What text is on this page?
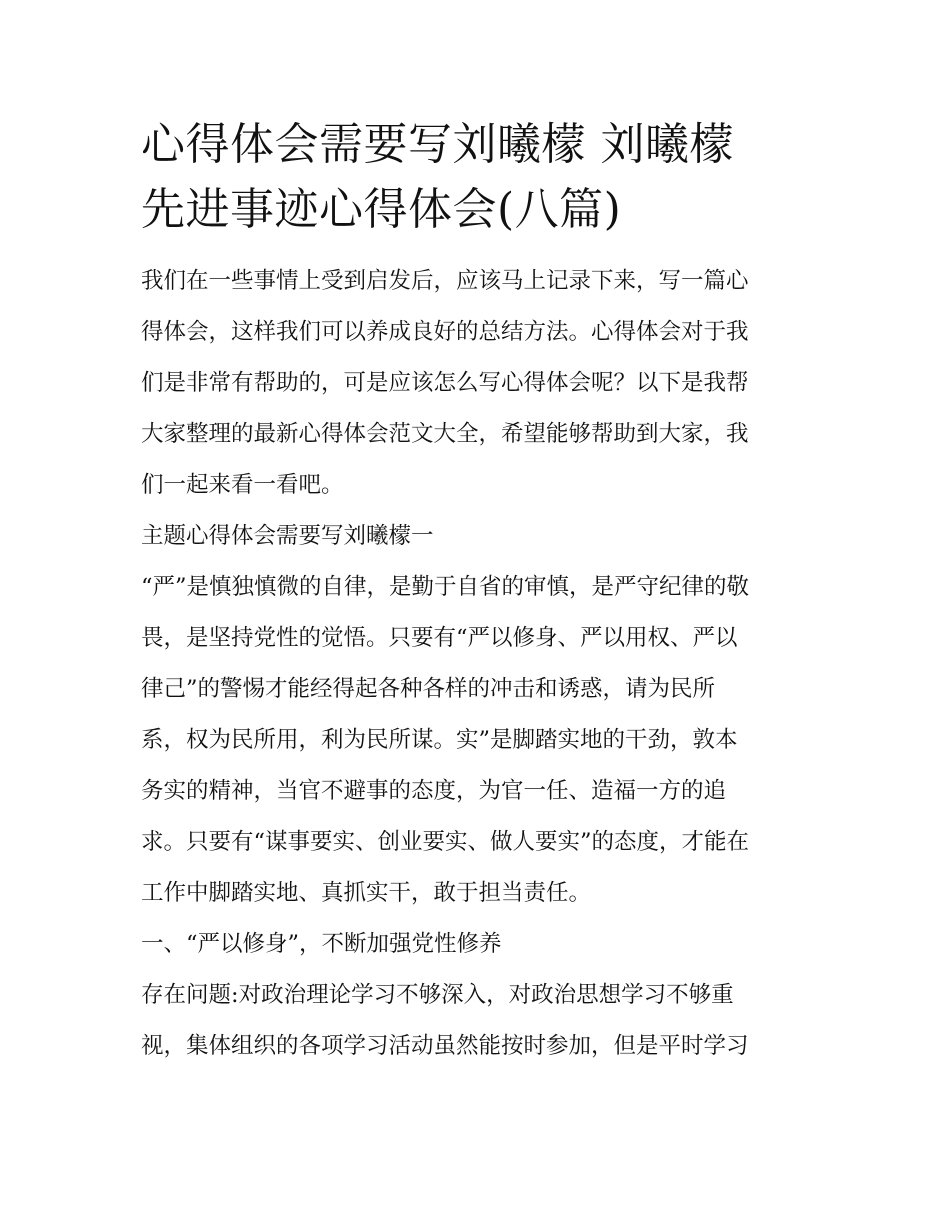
心得体会需要写刘曦檬 刘曦檬
先进事迹心得体会(八篇)

我们在一些事情上受到启发后，应该马上记录下来，写一篇心
得体会，这样我们可以养成良好的总结方法。心得体会对于我
们是非常有帮助的，可是应该怎么写心得体会呢？以下是我帮
大家整理的最新心得体会范文大全，希望能够帮助到大家，我
们一起来看一看吧。

主题心得体会需要写刘曦檬一

“严”是慎独慎微的自律，是勤于自省的审慎，是严守纪律的敬
畏，是坚持党性的觉悟。只要有“严以修身、严以用权、严以
律己”的警惕才能经得起各种各样的冲击和诱惑，请为民所
系，权为民所用，利为民所谋。实”是脚踏实地的干劲，敦本
务实的精神，当官不避事的态度，为官一任、造福一方的追
求。只要有“谋事要实、创业要实、做人要实”的态度，才能在
工作中脚踏实地、真抓实干，敢于担当责任。

一、“严以修身”，不断加强党性修养

存在问题:对政治理论学习不够深入，对政治思想学习不够重
视，集体组织的各项学习活动虽然能按时参加，但是平时学习
